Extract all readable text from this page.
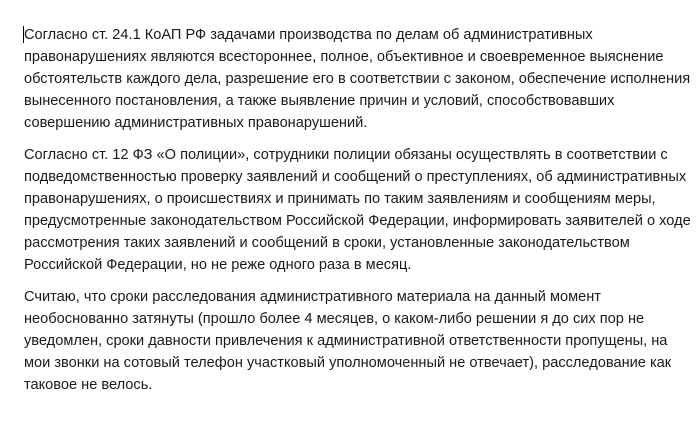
Согласно ст. 24.1 КоАП РФ задачами производства по делам об административных
правонарушениях являются всестороннее, полное, объективное и своевременное выяснение
обстоятельств каждого дела, разрешение его в соответствии с законом, обеспечение исполнения
вынесенного постановления, а также выявление причин и условий, способствовавших
совершению административных правонарушений.

Согласно ст. 12 ФЗ «О полиции», сотрудники полиции обязаны осуществлять в соответствии с
подведомственностью проверку заявлений и сообщений о преступлениях, об административных
правонарушениях, о происшествиях и принимать по таким заявлениям и сообщениям меры,
предусмотренные законодательством Российской Федерации, информировать заявителей о ходе
рассмотрения таких заявлений и сообщений в сроки, установленные законодательством
Российской Федерации, но не реже одного раза в месяц.

Считаю, что сроки расследования административного материала на данный момент
необоснованно затянуты (прошло более 4 месяцев, о каком-либо решении я до сих пор не
уведомлен, сроки давности привлечения к административной ответственности пропущены, на
мои звонки на сотовый телефон участковый уполномоченный не отвечает), расследование как
таковое не велось.
